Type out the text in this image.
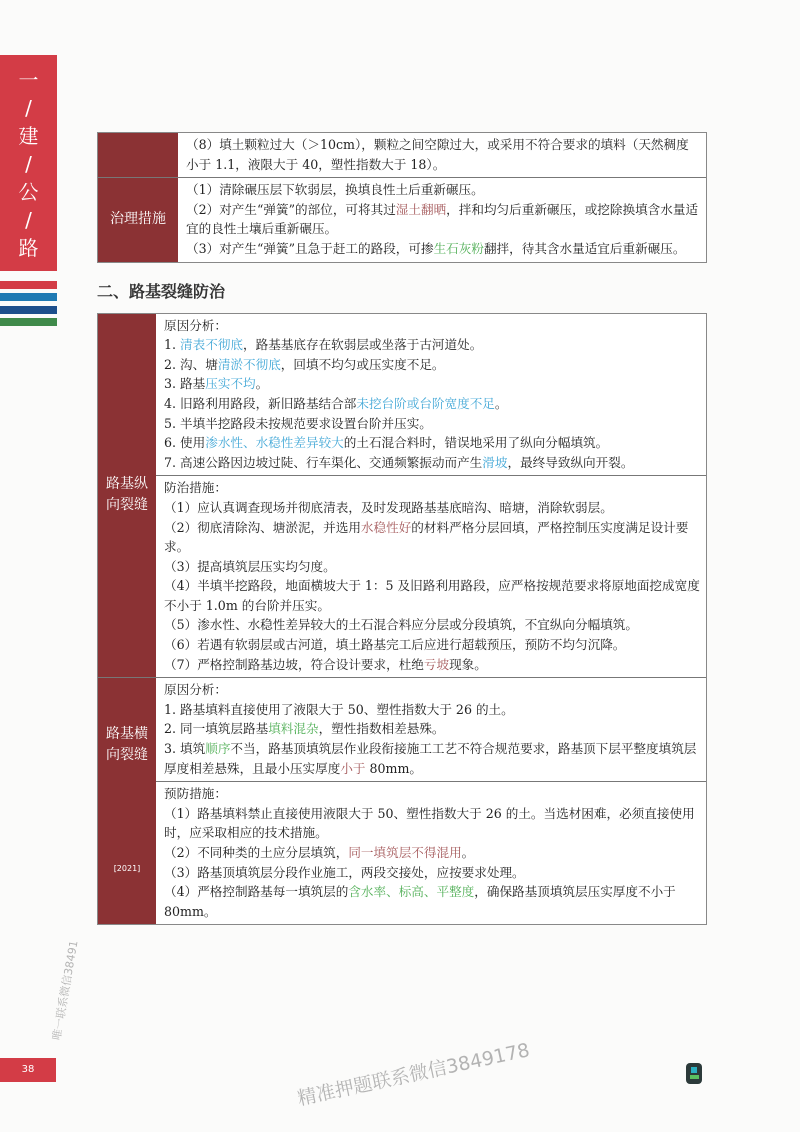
一
/
建
/
公
/
路

（8）填土颗粒过大（＞10cm），颗粒之间空隙过大，或采用不符合要求的填料（天然稠度小于 1.1，液限大于 40，塑性指数大于 18）。

治理措施

（1）清除碾压层下软弱层，换填良性土后重新碾压。

（2）对产生“弹簧”的部位，可将其过湿土翻晒，拌和均匀后重新碾压，或挖除换填含水量适宜的良性土壤后重新碾压。

（3）对产生“弹簧”且急于赶工的路段，可掺生石灰粉翻拌，待其含水量适宜后重新碾压。

二、路基裂缝防治
路基纵向裂缝

原因分析：

1. 清表不彻底，路基基底存在软弱层或坐落于古河道处。

2. 沟、塘清淤不彻底，回填不均匀或压实度不足。

3. 路基压实不均。

4. 旧路利用路段，新旧路基结合部未挖台阶或台阶宽度不足。

5. 半填半挖路段未按规范要求设置台阶并压实。

6. 使用渗水性、水稳性差异较大的土石混合料时，错误地采用了纵向分幅填筑。

7. 高速公路因边坡过陡、行车渠化、交通频繁振动而产生滑坡，最终导致纵向开裂。

防治措施：

（1）应认真调查现场并彻底清表，及时发现路基基底暗沟、暗塘，消除软弱层。

（2）彻底清除沟、塘淤泥，并选用水稳性好的材料严格分层回填，严格控制压实度满足设计要求。

（3）提高填筑层压实均匀度。

（4）半填半挖路段，地面横坡大于 1：5 及旧路利用路段，应严格按规范要求将原地面挖成宽度不小于 1.0m 的台阶并压实。

（5）渗水性、水稳性差异较大的土石混合料应分层或分段填筑，不宜纵向分幅填筑。

（6）若遇有软弱层或古河道，填土路基完工后应进行超载预压，预防不均匀沉降。

（7）严格控制路基边坡，符合设计要求，杜绝亏坡现象。

路基横向裂缝
[2021]

原因分析：

1. 路基填料直接使用了液限大于 50、塑性指数大于 26 的土。

2. 同一填筑层路基填料混杂，塑性指数相差悬殊。

3. 填筑顺序不当，路基顶填筑层作业段衔接施工工艺不符合规范要求，路基顶下层平整度填筑层厚度相差悬殊，且最小压实厚度小于 80mm。

预防措施：

（1）路基填料禁止直接使用液限大于 50、塑性指数大于 26 的土。当选材困难，必须直接使用时，应采取相应的技术措施。

（2）不同种类的土应分层填筑，同一填筑层不得混用。

（3）路基顶填筑层分段作业施工，两段交接处，应按要求处理。

（4）严格控制路基每一填筑层的含水率、标高、平整度，确保路基顶填筑层压实厚度不小于 80mm。

38	精准押题联系微信3849178
唯一联系微信38491
